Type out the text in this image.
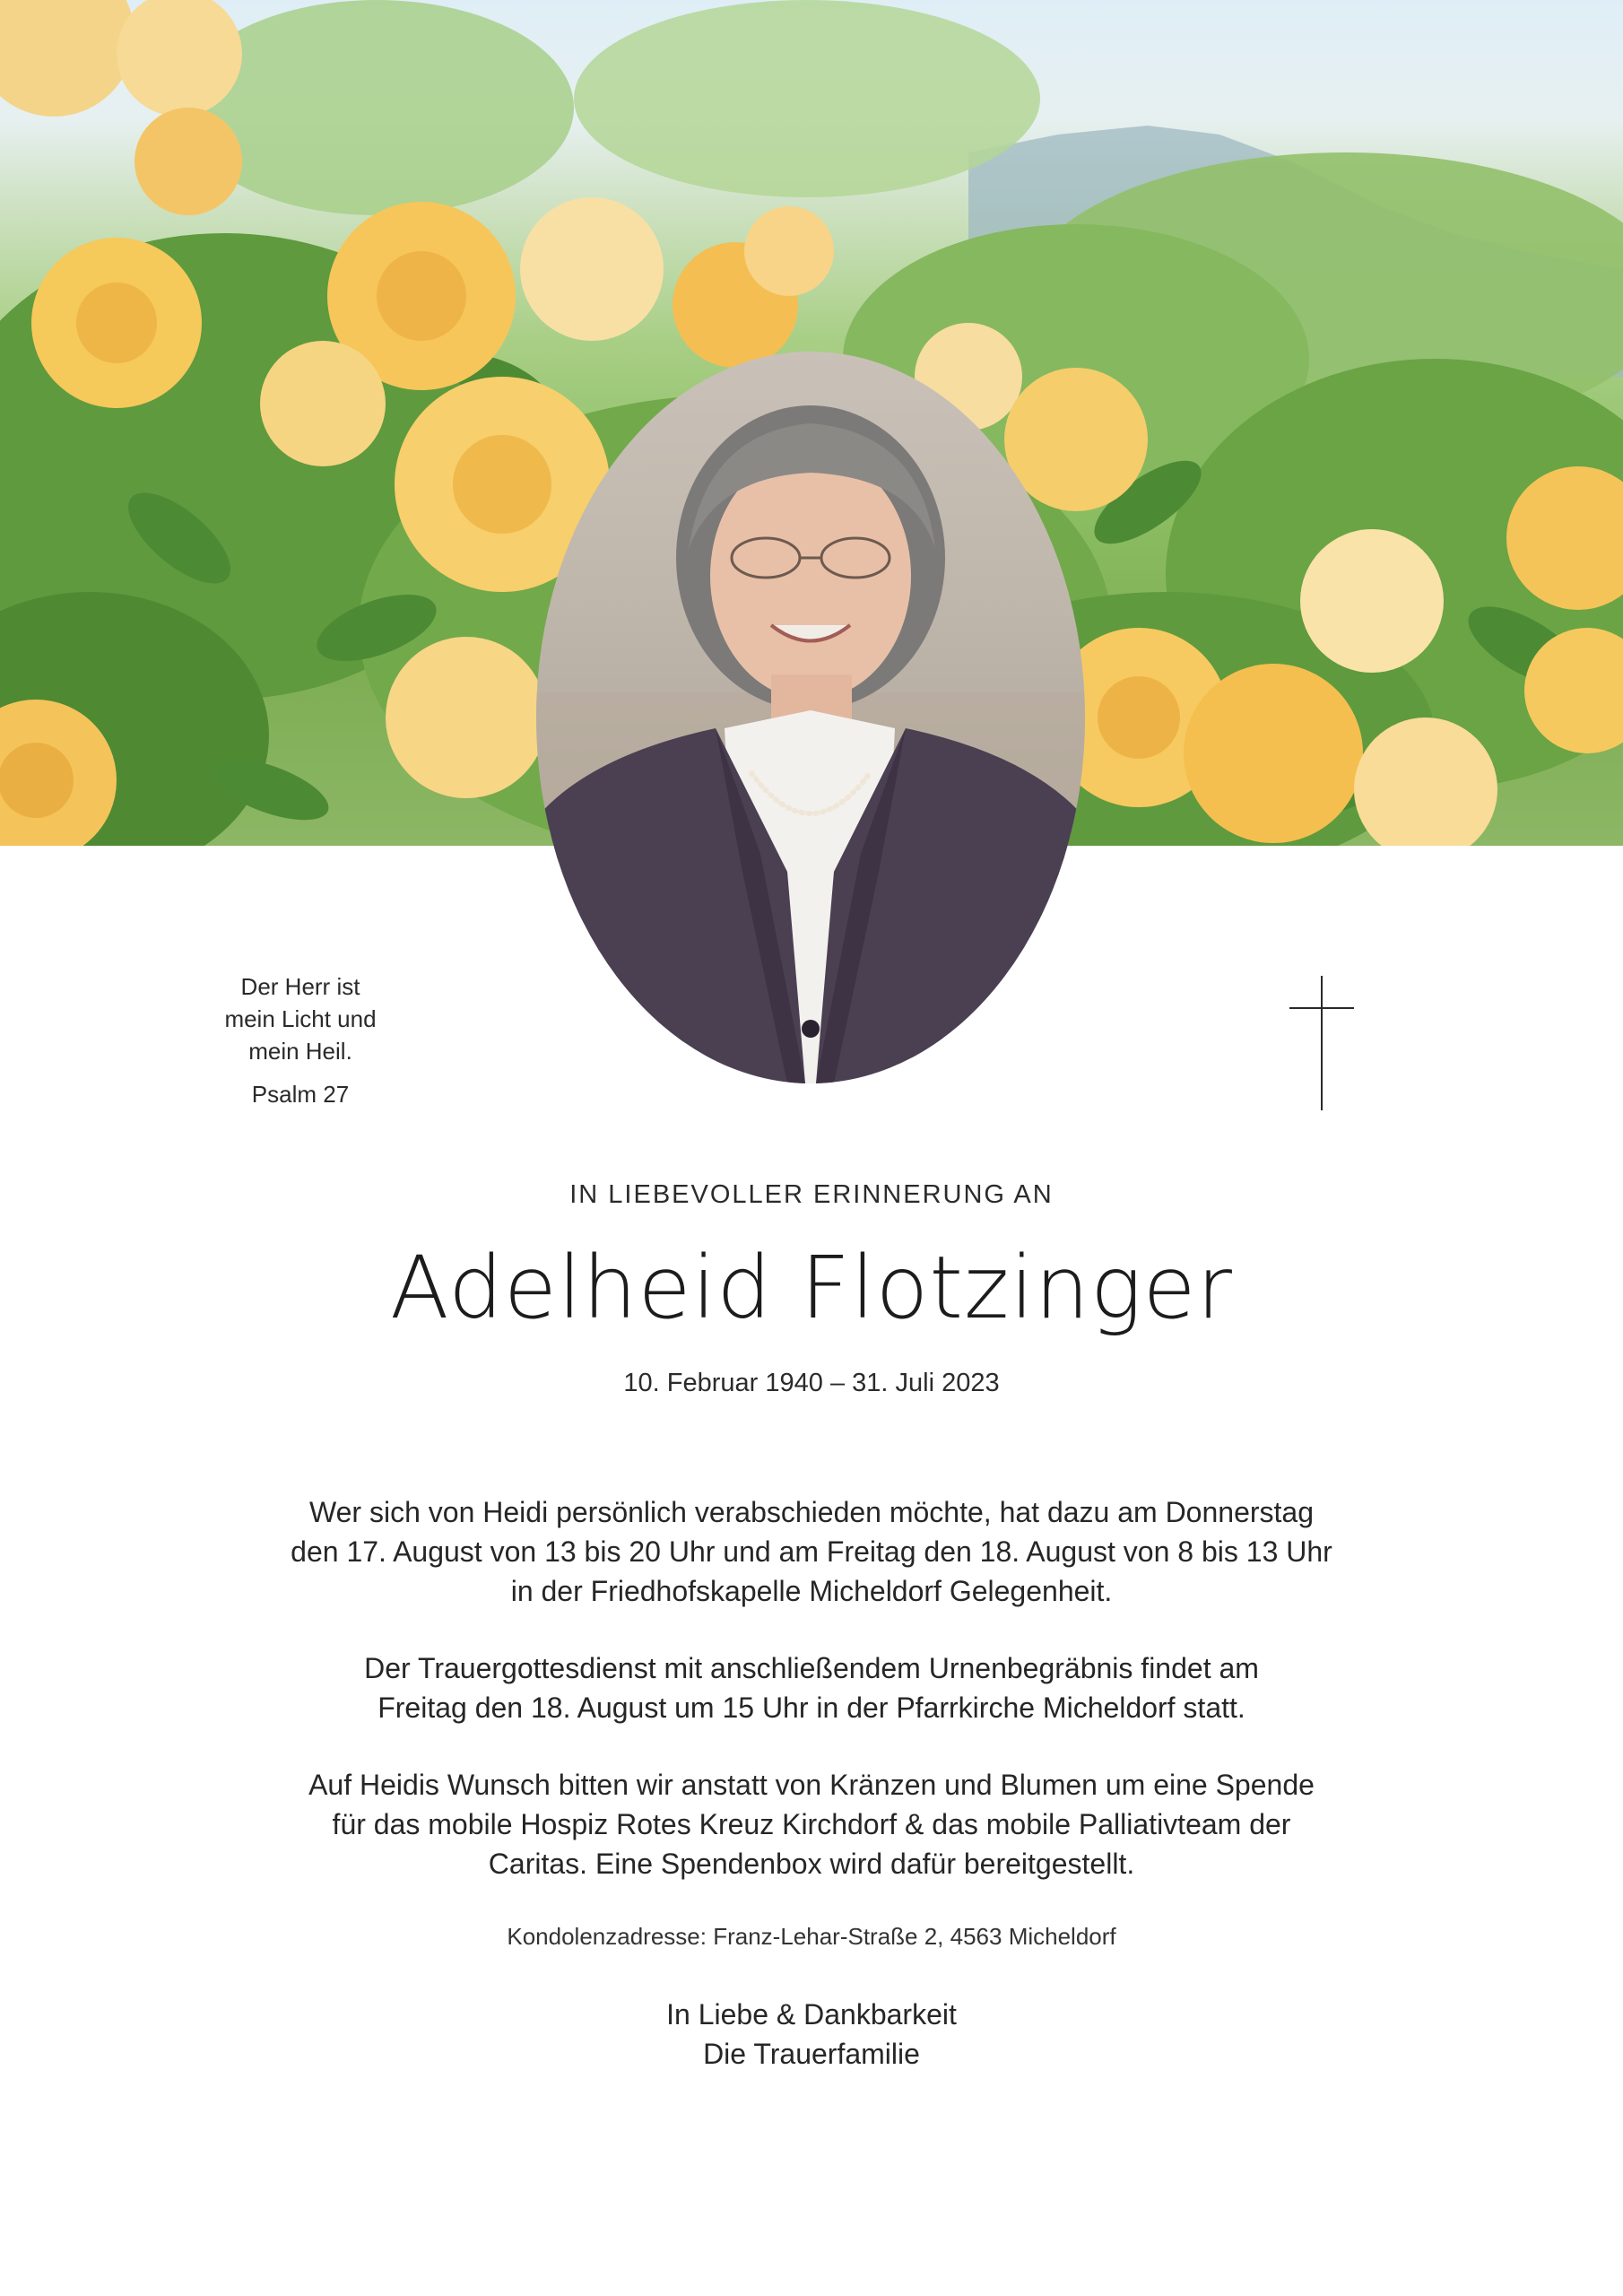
Der Herr ist
mein Licht und
mein Heil.
Psalm 27
IN LIEBEVOLLER ERINNERUNG AN
Adelheid Flotzinger
10. Februar 1940 – 31. Juli 2023
Wer sich von Heidi persönlich verabschieden möchte, hat dazu am Donnerstag
den 17. August von 13 bis 20 Uhr und am Freitag den 18. August von 8 bis 13 Uhr
in der Friedhofskapelle Micheldorf Gelegenheit.
Der Trauergottesdienst mit anschließendem Urnenbegräbnis findet am
Freitag den 18. August um 15 Uhr in der Pfarrkirche Micheldorf statt.
Auf Heidis Wunsch bitten wir anstatt von Kränzen und Blumen um eine Spende
für das mobile Hospiz Rotes Kreuz Kirchdorf & das mobile Palliativteam der
Caritas. Eine Spendenbox wird dafür bereitgestellt.
Kondolenzadresse: Franz-Lehar-Straße 2, 4563 Micheldorf
In Liebe & Dankbarkeit
Die Trauerfamilie
